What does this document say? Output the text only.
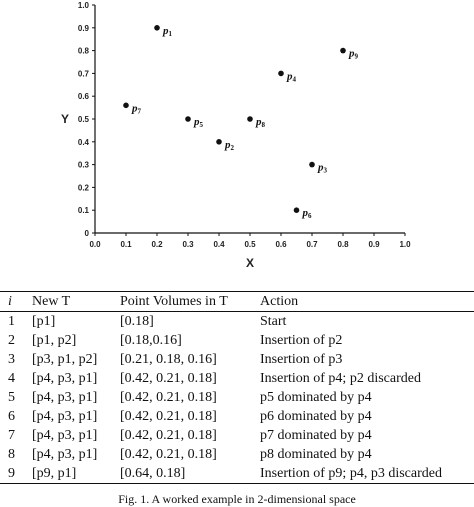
0.0 0.1 0.2 0.3 0.4 0.5 0.6 0.7 0.8 0.9 1.0
0
0.1
0.2
0.3
0.4
0.5
0.6
0.7
0.8
0.9
1.0
p1
p9
p4
p7
p5	p8
p2
p3
p6
X
Y
i	New T	Point Volumes in T	Action
1	[p1]	[0.18]	Start
2	[p1, p2]	[0.18,0.16]	Insertion of p2
3	[p3, p1, p2]	[0.21, 0.18, 0.16]	Insertion of p3
4	[p4, p3, p1]	[0.42, 0.21, 0.18]	Insertion of p4; p2 discarded
5	[p4, p3, p1]	[0.42, 0.21, 0.18]	p5 dominated by p4
6	[p4, p3, p1]	[0.42, 0.21, 0.18]	p6 dominated by p4
7	[p4, p3, p1]	[0.42, 0.21, 0.18]	p7 dominated by p4
8	[p4, p3, p1]	[0.42, 0.21, 0.18]	p8 dominated by p4
9	[p9, p1]	[0.64, 0.18]	Insertion of p9; p4, p3 discarded
Fig. 1. A worked example in 2-dimensional space
